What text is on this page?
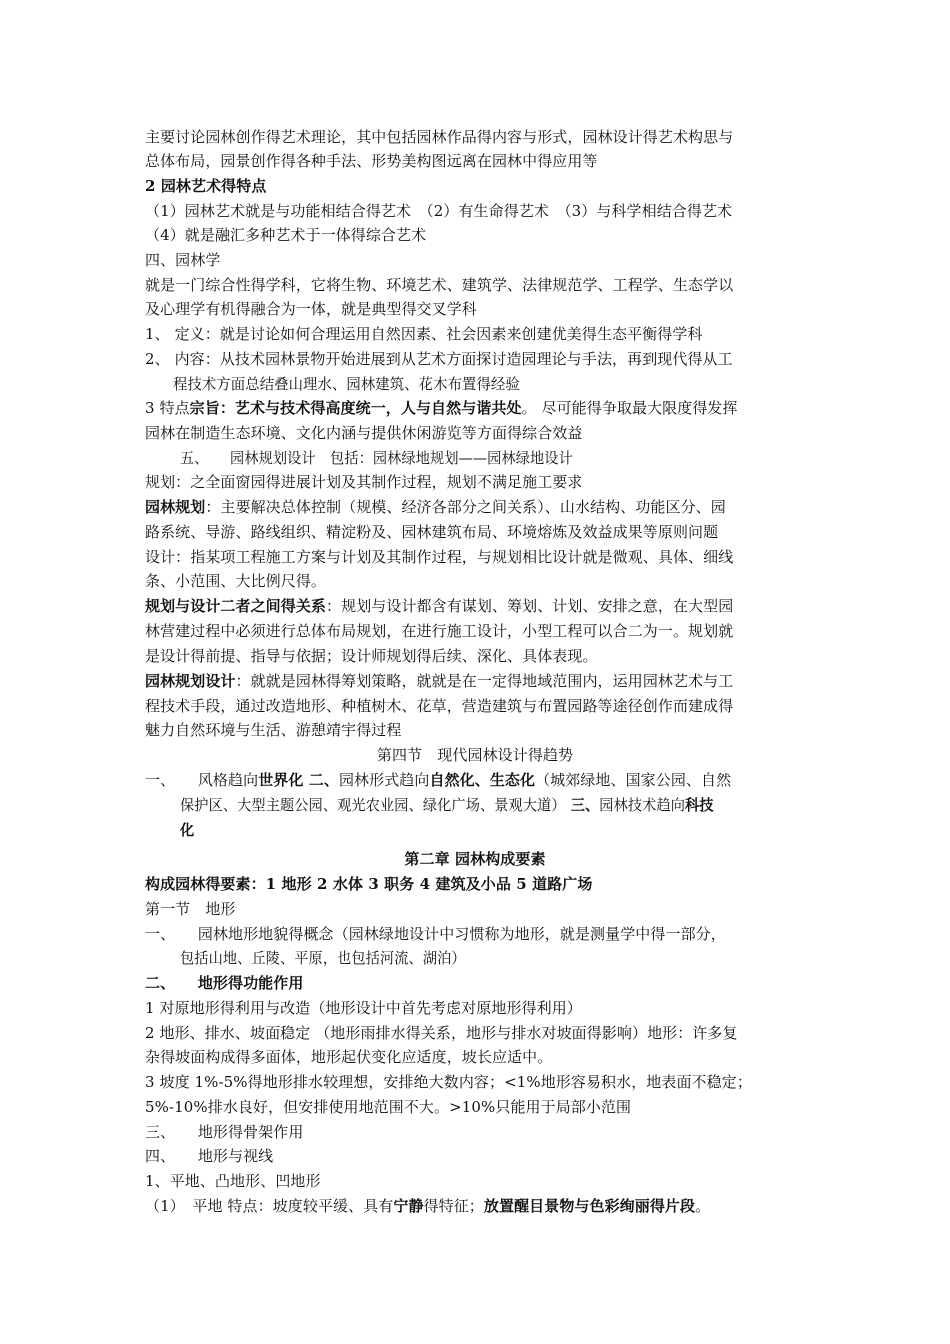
主要讨论园林创作得艺术理论，其中包括园林作品得内容与形式，园林设计得艺术构思与
总体布局，园景创作得各种手法、形势美构图远离在园林中得应用等
2 园林艺术得特点
（1）园林艺术就是与功能相结合得艺术　（2）有生命得艺术　（3）与科学相结合得艺术
（4）就是融汇多种艺术于一体得综合艺术
四、园林学
就是一门综合性得学科，它将生物、环境艺术、建筑学、法律规范学、工程学、生态学以
及心理学有机得融合为一体，就是典型得交叉学科
1、 定义：就是讨论如何合理运用自然因素、社会因素来创建优美得生态平衡得学科
2、 内容：从技术园林景物开始进展到从艺术方面探讨造园理论与手法，再到现代得从工
程技术方面总结叠山理水、园林建筑、花木布置得经验
3 特点宗旨：艺术与技术得高度统一，人与自然与谐共处。 尽可能得争取最大限度得发挥
园林在制造生态环境、文化内涵与提供休闲游览等方面得综合效益
五、　　园林规划设计　包括：园林绿地规划——园林绿地设计
规划：之全面窗园得进展计划及其制作过程，规划不满足施工要求
园林规划：主要解决总体控制（规模、经济各部分之间关系）、山水结构、功能区分、园
路系统、导游、路线组织、精淀粉及、园林建筑布局、环境熔炼及效益成果等原则问题
设计：指某项工程施工方案与计划及其制作过程，与规划相比设计就是微观、具体、细线
条、小范围、大比例尺得。
规划与设计二者之间得关系：规划与设计都含有谋划、筹划、计划、安排之意，在大型园
林营建过程中必须进行总体布局规划，在进行施工设计，小型工程可以合二为一。规划就
是设计得前提、指导与依据；设计师规划得后续、深化、具体表现。
园林规划设计：就就是园林得筹划策略，就就是在一定得地域范围内，运用园林艺术与工
程技术手段，通过改造地形、种植树木、花草，营造建筑与布置园路等途径创作而建成得
魅力自然环境与生活、游憩靖宇得过程
第四节　现代园林设计得趋势
一、　　风格趋向世界化 二、园林形式趋向自然化、生态化（城郊绿地、国家公园、自然
保护区、大型主题公园、观光农业园、绿化广场、景观大道） 三、园林技术趋向科技
化
第二章 园林构成要素
构成园林得要素：1 地形 2 水体 3 职务 4 建筑及小品 5 道路广场
第一节　地形
一、　　园林地形地貌得概念（园林绿地设计中习惯称为地形，就是测量学中得一部分，
包括山地、丘陵、平原，也包括河流、湖泊）
二、　　地形得功能作用
1 对原地形得利用与改造（地形设计中首先考虑对原地形得利用）
2 地形、排水、坡面稳定 （地形雨排水得关系，地形与排水对坡面得影响）地形：许多复
杂得坡面构成得多面体，地形起伏变化应适度，坡长应适中。
3 坡度 1%-5%得地形排水较理想，安排绝大数内容；<1%地形容易积水，地表面不稳定；
5%-10%排水良好，但安排使用地范围不大。>10%只能用于局部小范围
三、　　地形得骨架作用
四、　　地形与视线
1、平地、凸地形、凹地形
（1）　平地 特点：坡度较平缓、具有宁静得特征；放置醒目景物与色彩绚丽得片段。
